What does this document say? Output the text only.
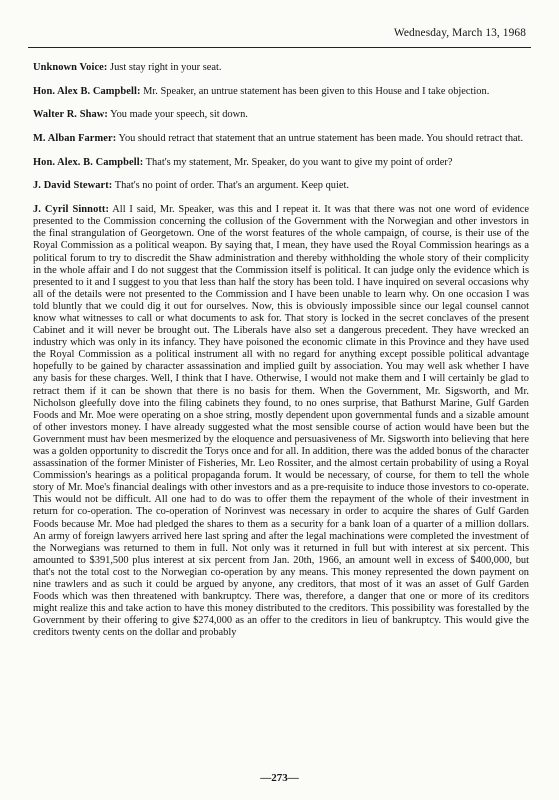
Wednesday, March 13, 1968

Unknown Voice: Just stay right in your seat.

Hon. Alex B. Campbell: Mr. Speaker, an untrue statement has been given to this House and I take objection.

Walter R. Shaw: You made your speech, sit down.

M. Alban Farmer: You should retract that statement that an untrue statement has been made. You should retract that.

Hon. Alex. B. Campbell: That's my statement, Mr. Speaker, do you want to give my point of order?

J. David Stewart: That's no point of order. That's an argument. Keep quiet.

J. Cyril Sinnott: All I said, Mr. Speaker, was this and I repeat it. It was that there was not one word of evidence presented to the Commission concerning the collusion of the Government with the Norwegian and other investors in the final strangulation of Georgetown. One of the worst features of the whole campaign, of course, is their use of the Royal Commission as a political weapon. By saying that, I mean, they have used the Royal Commission hearings as a political forum to try to discredit the Shaw administration and thereby withholding the whole story of their complicity in the whole affair and I do not suggest that the Commission itself is political. It can judge only the evidence which is presented to it and I suggest to you that less than half the story has been told. I have inquired on several occasions why all of the details were not presented to the Commission and I have been unable to learn why. On one occasion I was told bluntly that we could dig it out for ourselves. Now, this is obviously impossible since our legal counsel cannot know what witnesses to call or what documents to ask for. That story is locked in the secret conclaves of the present Cabinet and it will never be brought out. The Liberals have also set a dangerous precedent. They have wrecked an industry which was only in its infancy. They have poisoned the economic climate in this Province and they have used the Royal Commission as a political instrument all with no regard for anything except possible political advantage hopefully to be gained by character assassination and implied guilt by association. You may well ask whether I have any basis for these charges. Well, I think that I have. Otherwise, I would not make them and I will certainly be glad to retract them if it can be shown that there is no basis for them. When the Government, Mr. Sigsworth, and Mr. Nicholson gleefully dove into the filing cabinets they found, to no ones surprise, that Bathurst Marine, Gulf Garden Foods and Mr. Moe were operating on a shoe string, mostly dependent upon governmental funds and a sizable amount of other investors money. I have already suggested what the most sensible course of action would have been but the Government must hav been mesmerized by the eloquence and persuasiveness of Mr. Sigsworth into believing that here was a golden opportunity to discredit the Torys once and for all. In addition, there was the added bonus of the character assassination of the former Minister of Fisheries, Mr. Leo Rossiter, and the almost certain probability of using a Royal Commission's hearings as a political propaganda forum. It would be necessary, of course, for them to tell the whole story of Mr. Moe's financial dealings with other investors and as a pre-requisite to induce those investors to co-operate. This would not be difficult. All one had to do was to offer them the repayment of the whole of their investment in return for co-operation. The co-operation of Norinvest was necessary in order to acquire the shares of Gulf Garden Foods because Mr. Moe had pledged the shares to them as a security for a bank loan of a quarter of a million dollars. An army of foreign lawyers arrived here last spring and after the legal machinations were completed the investment of the Norwegians was returned to them in full. Not only was it returned in full but with interest at six percent. This amounted to $391,500 plus interest at six percent from Jan. 20th, 1966, an amount well in excess of $400,000, but that's not the total cost to the Norwegian co-operation by any means. This money represented the down payment on nine trawlers and as such it could be argued by anyone, any creditors, that most of it was an asset of Gulf Garden Foods which was then threatened with bankruptcy. There was, therefore, a danger that one or more of its creditors might realize this and take action to have this money distributed to the creditors. This possibility was forestalled by the Government by their offering to give $274,000 as an offer to the creditors in lieu of bankruptcy. This would give the creditors twenty cents on the dollar and probably

—273—
